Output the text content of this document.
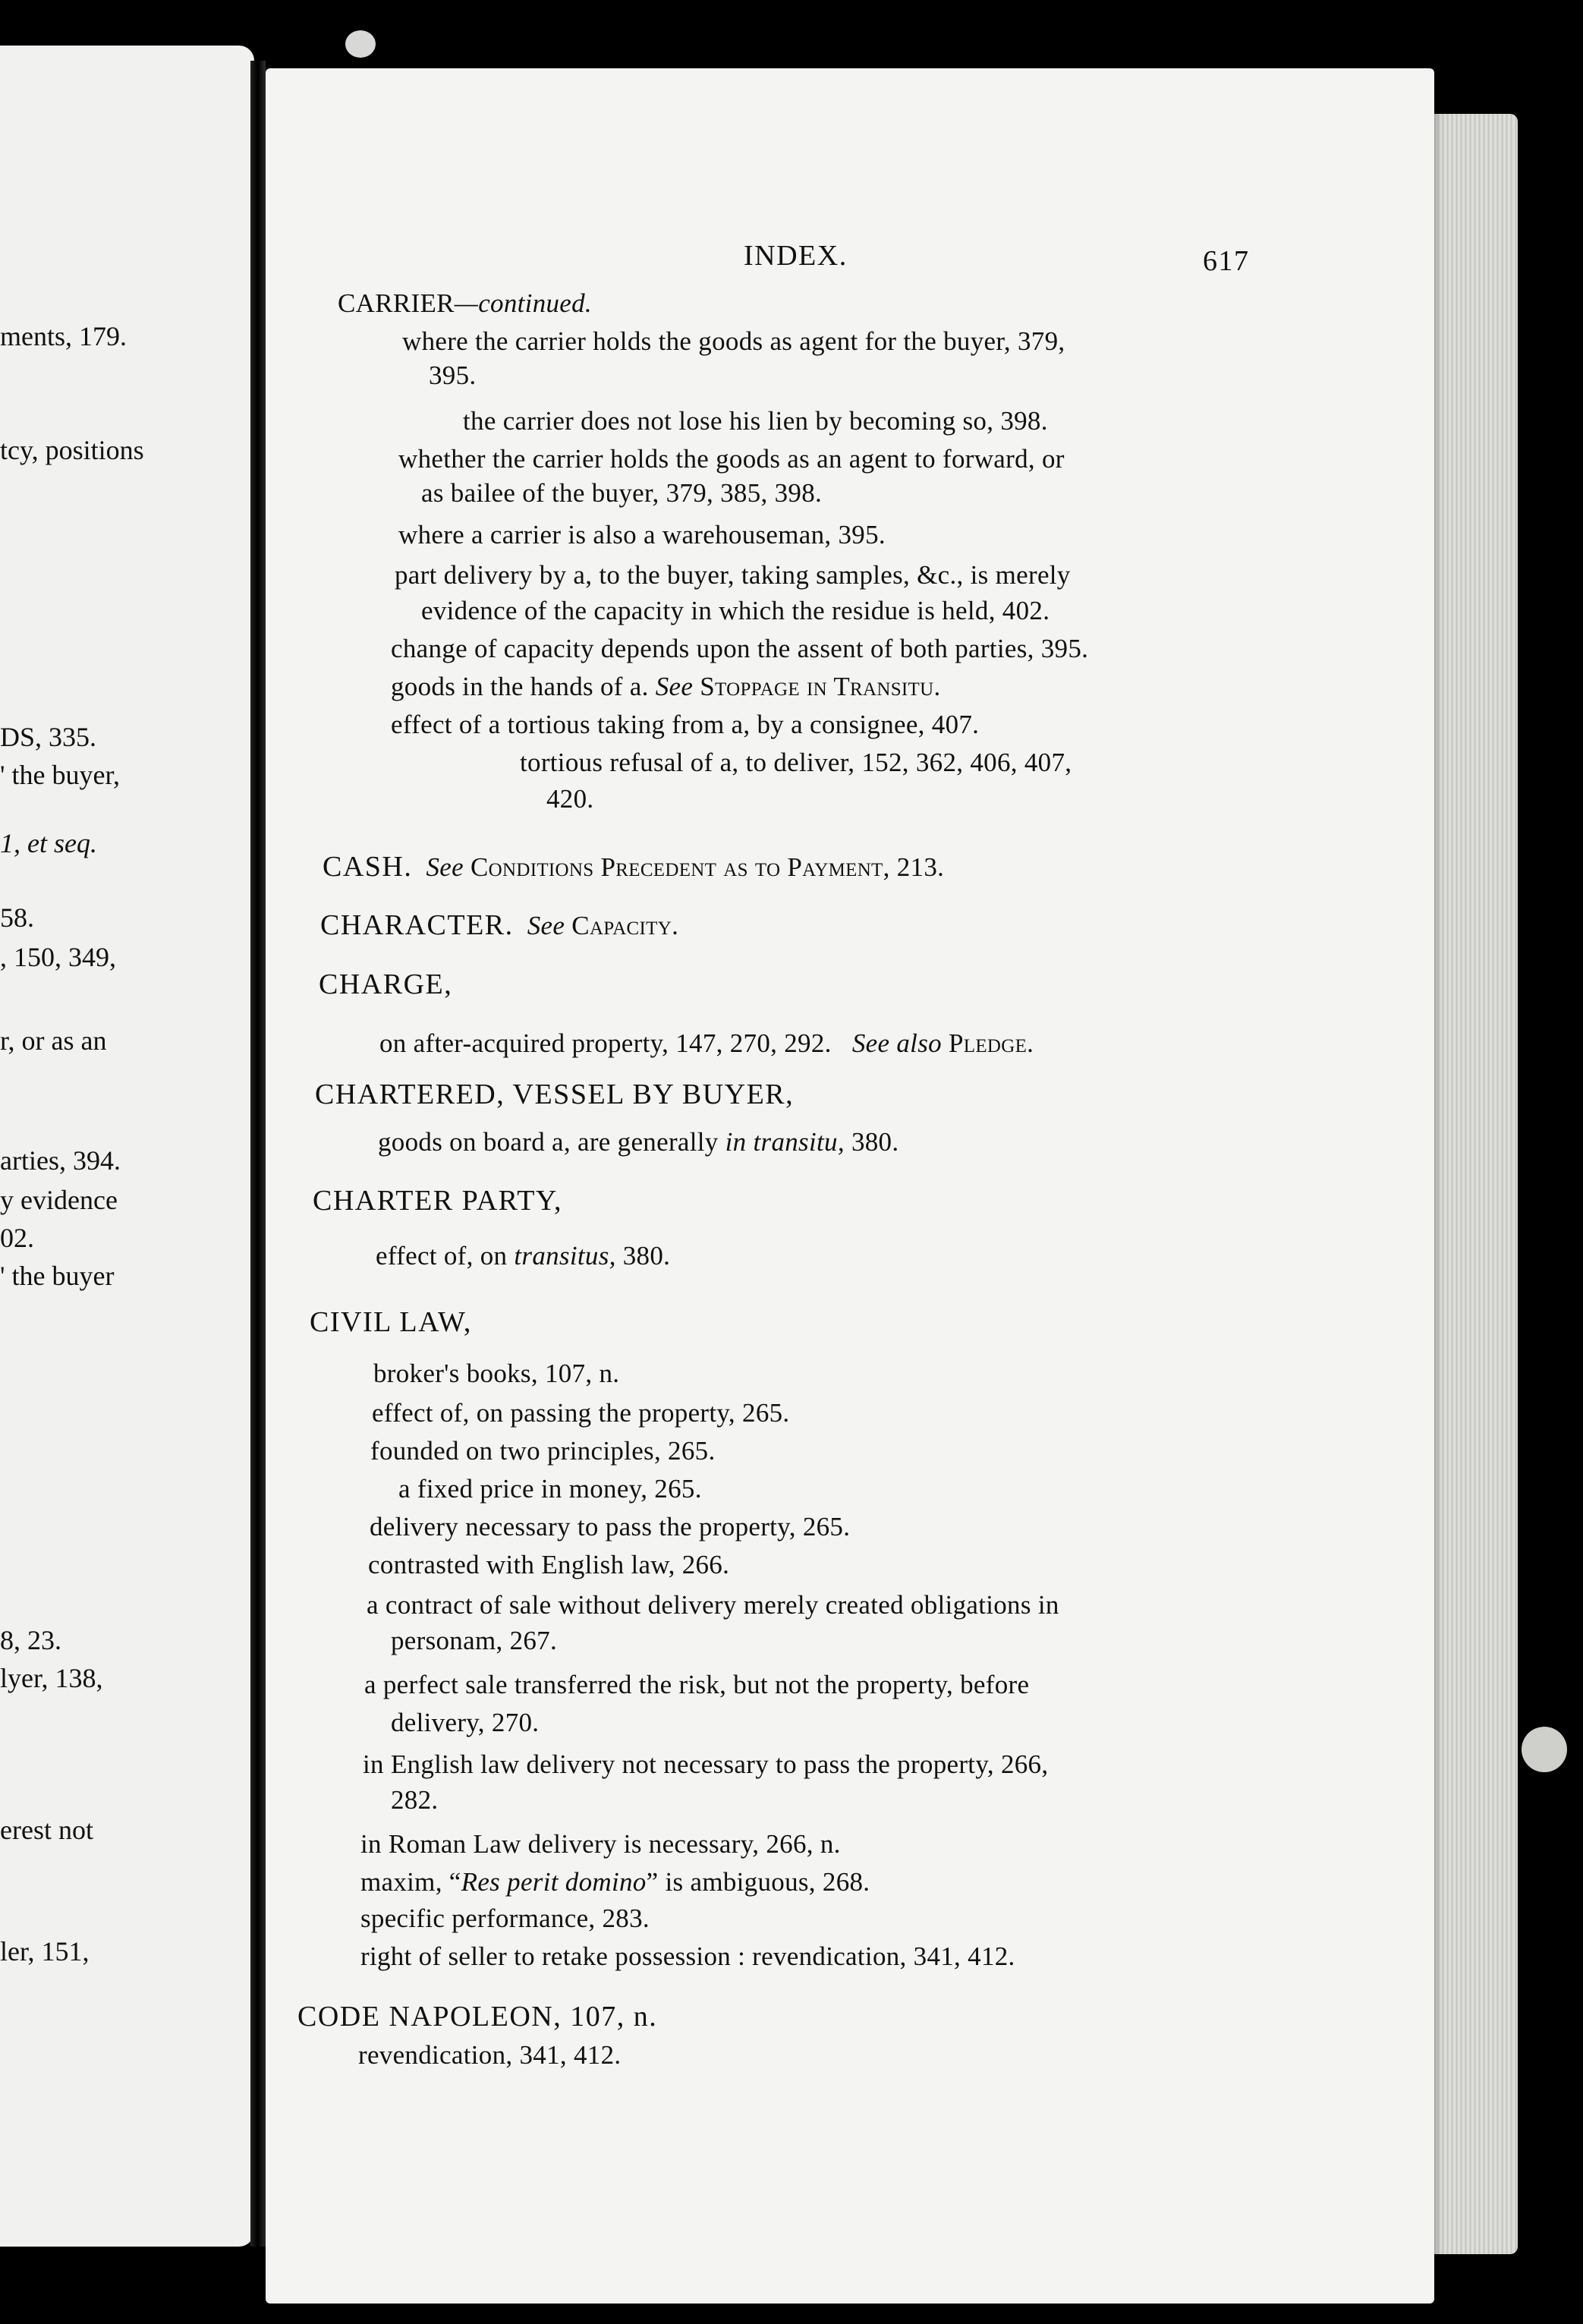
ments, 179.
tcy, positions
DS, 335.
' the buyer,
1, et seq.
58.
, 150, 349,
r, or as an
arties, 394.
y evidence
02.
' the buyer
8, 23.
lyer, 138,
erest not
ler, 151,
INDEX.	617
CARRIER—continued.
where the carrier holds the goods as agent for the buyer, 379,
395.
the carrier does not lose his lien by becoming so, 398.
whether the carrier holds the goods as an agent to forward, or
as bailee of the buyer, 379, 385, 398.
where a carrier is also a warehouseman, 395.
part delivery by a, to the buyer, taking samples, &c., is merely
evidence of the capacity in which the residue is held, 402.
change of capacity depends upon the assent of both parties, 395.
goods in the hands of a. See Stoppage in Transitu.
effect of a tortious taking from a, by a consignee, 407.
tortious refusal of a, to deliver, 152, 362, 406, 407,
420.
CASH. See Conditions Precedent as to Payment, 213.
CHARACTER. See Capacity.
CHARGE,
on after-acquired property, 147, 270, 292. See also Pledge.
CHARTERED, VESSEL BY BUYER,
goods on board a, are generally in transitu, 380.
CHARTER PARTY,
effect of, on transitus, 380.
CIVIL LAW,
broker's books, 107, n.
effect of, on passing the property, 265.
founded on two principles, 265.
a fixed price in money, 265.
delivery necessary to pass the property, 265.
contrasted with English law, 266.
a contract of sale without delivery merely created obligations in
personam, 267.
a perfect sale transferred the risk, but not the property, before
delivery, 270.
in English law delivery not necessary to pass the property, 266,
282.
in Roman Law delivery is necessary, 266, n.
maxim, “Res perit domino” is ambiguous, 268.
specific performance, 283.
right of seller to retake possession : revendication, 341, 412.
CODE NAPOLEON, 107, n.
revendication, 341, 412.
